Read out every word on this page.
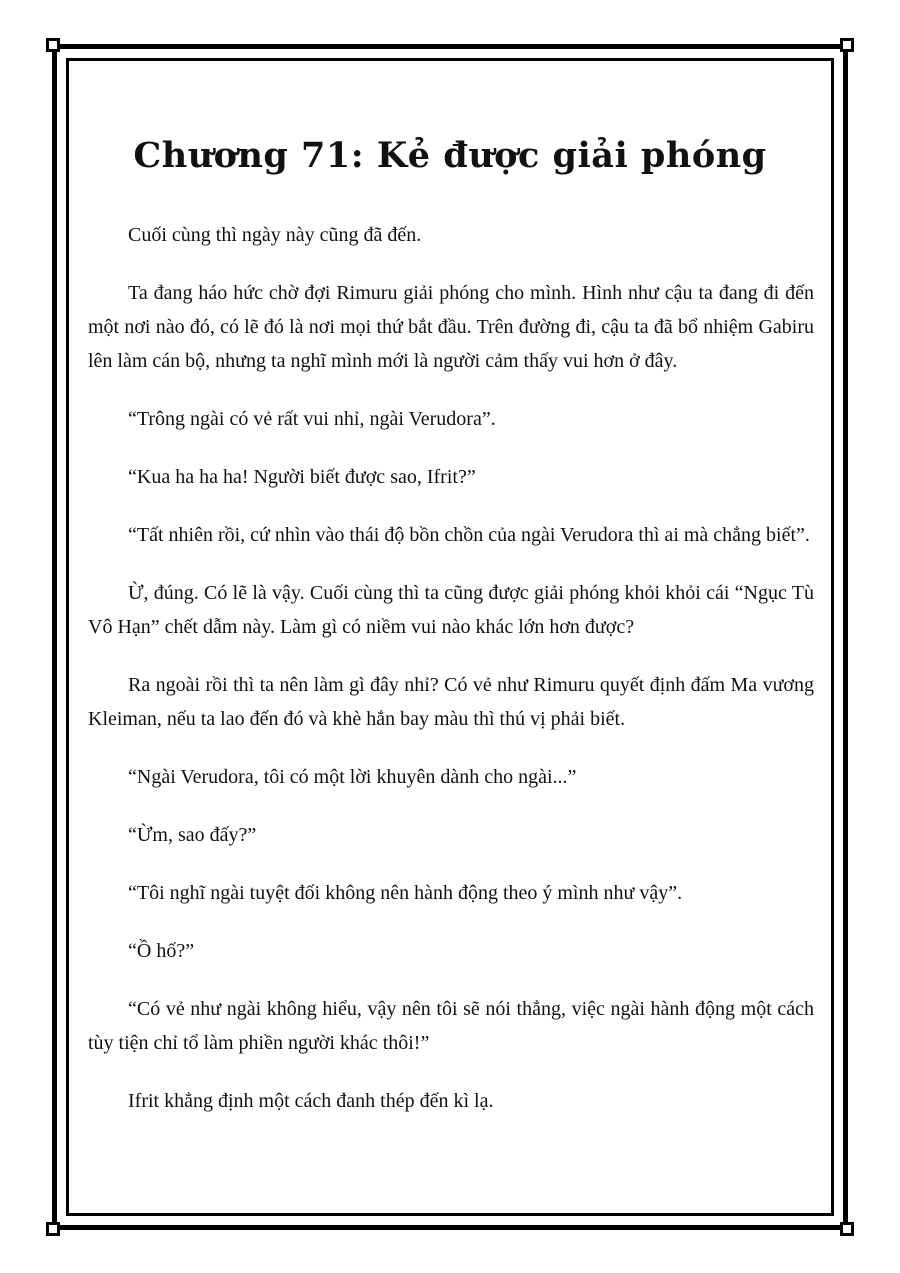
Chương 71: Kẻ được giải phóng

Cuối cùng thì ngày này cũng đã đến.

Ta đang háo hức chờ đợi Rimuru giải phóng cho mình. Hình như cậu ta đang đi đến một nơi nào đó, có lẽ đó là nơi mọi thứ bắt đầu. Trên đường đi, cậu ta đã bổ nhiệm Gabiru lên làm cán bộ, nhưng ta nghĩ mình mới là người cảm thấy vui hơn ở đây.

“Trông ngài có vẻ rất vui nhỉ, ngài Verudora”.

“Kua ha ha ha! Người biết được sao, Ifrit?”

“Tất nhiên rồi, cứ nhìn vào thái độ bồn chồn của ngài Verudora thì ai mà chẳng biết”.

Ừ, đúng. Có lẽ là vậy. Cuối cùng thì ta cũng được giải phóng khỏi khỏi cái “Ngục Tù Vô Hạn” chết dẫm này. Làm gì có niềm vui nào khác lớn hơn được?

Ra ngoài rồi thì ta nên làm gì đây nhỉ? Có vẻ như Rimuru quyết định đấm Ma vương Kleiman, nếu ta lao đến đó và khè hắn bay màu thì thú vị phải biết.

“Ngài Verudora, tôi có một lời khuyên dành cho ngài...”

“Ừm, sao đấy?”

“Tôi nghĩ ngài tuyệt đối không nên hành động theo ý mình như vậy”.

“Ồ hố?”

“Có vẻ như ngài không hiểu, vậy nên tôi sẽ nói thẳng, việc ngài hành động một cách tùy tiện chỉ tổ làm phiền người khác thôi!”

Ifrit khẳng định một cách đanh thép đến kì lạ.
